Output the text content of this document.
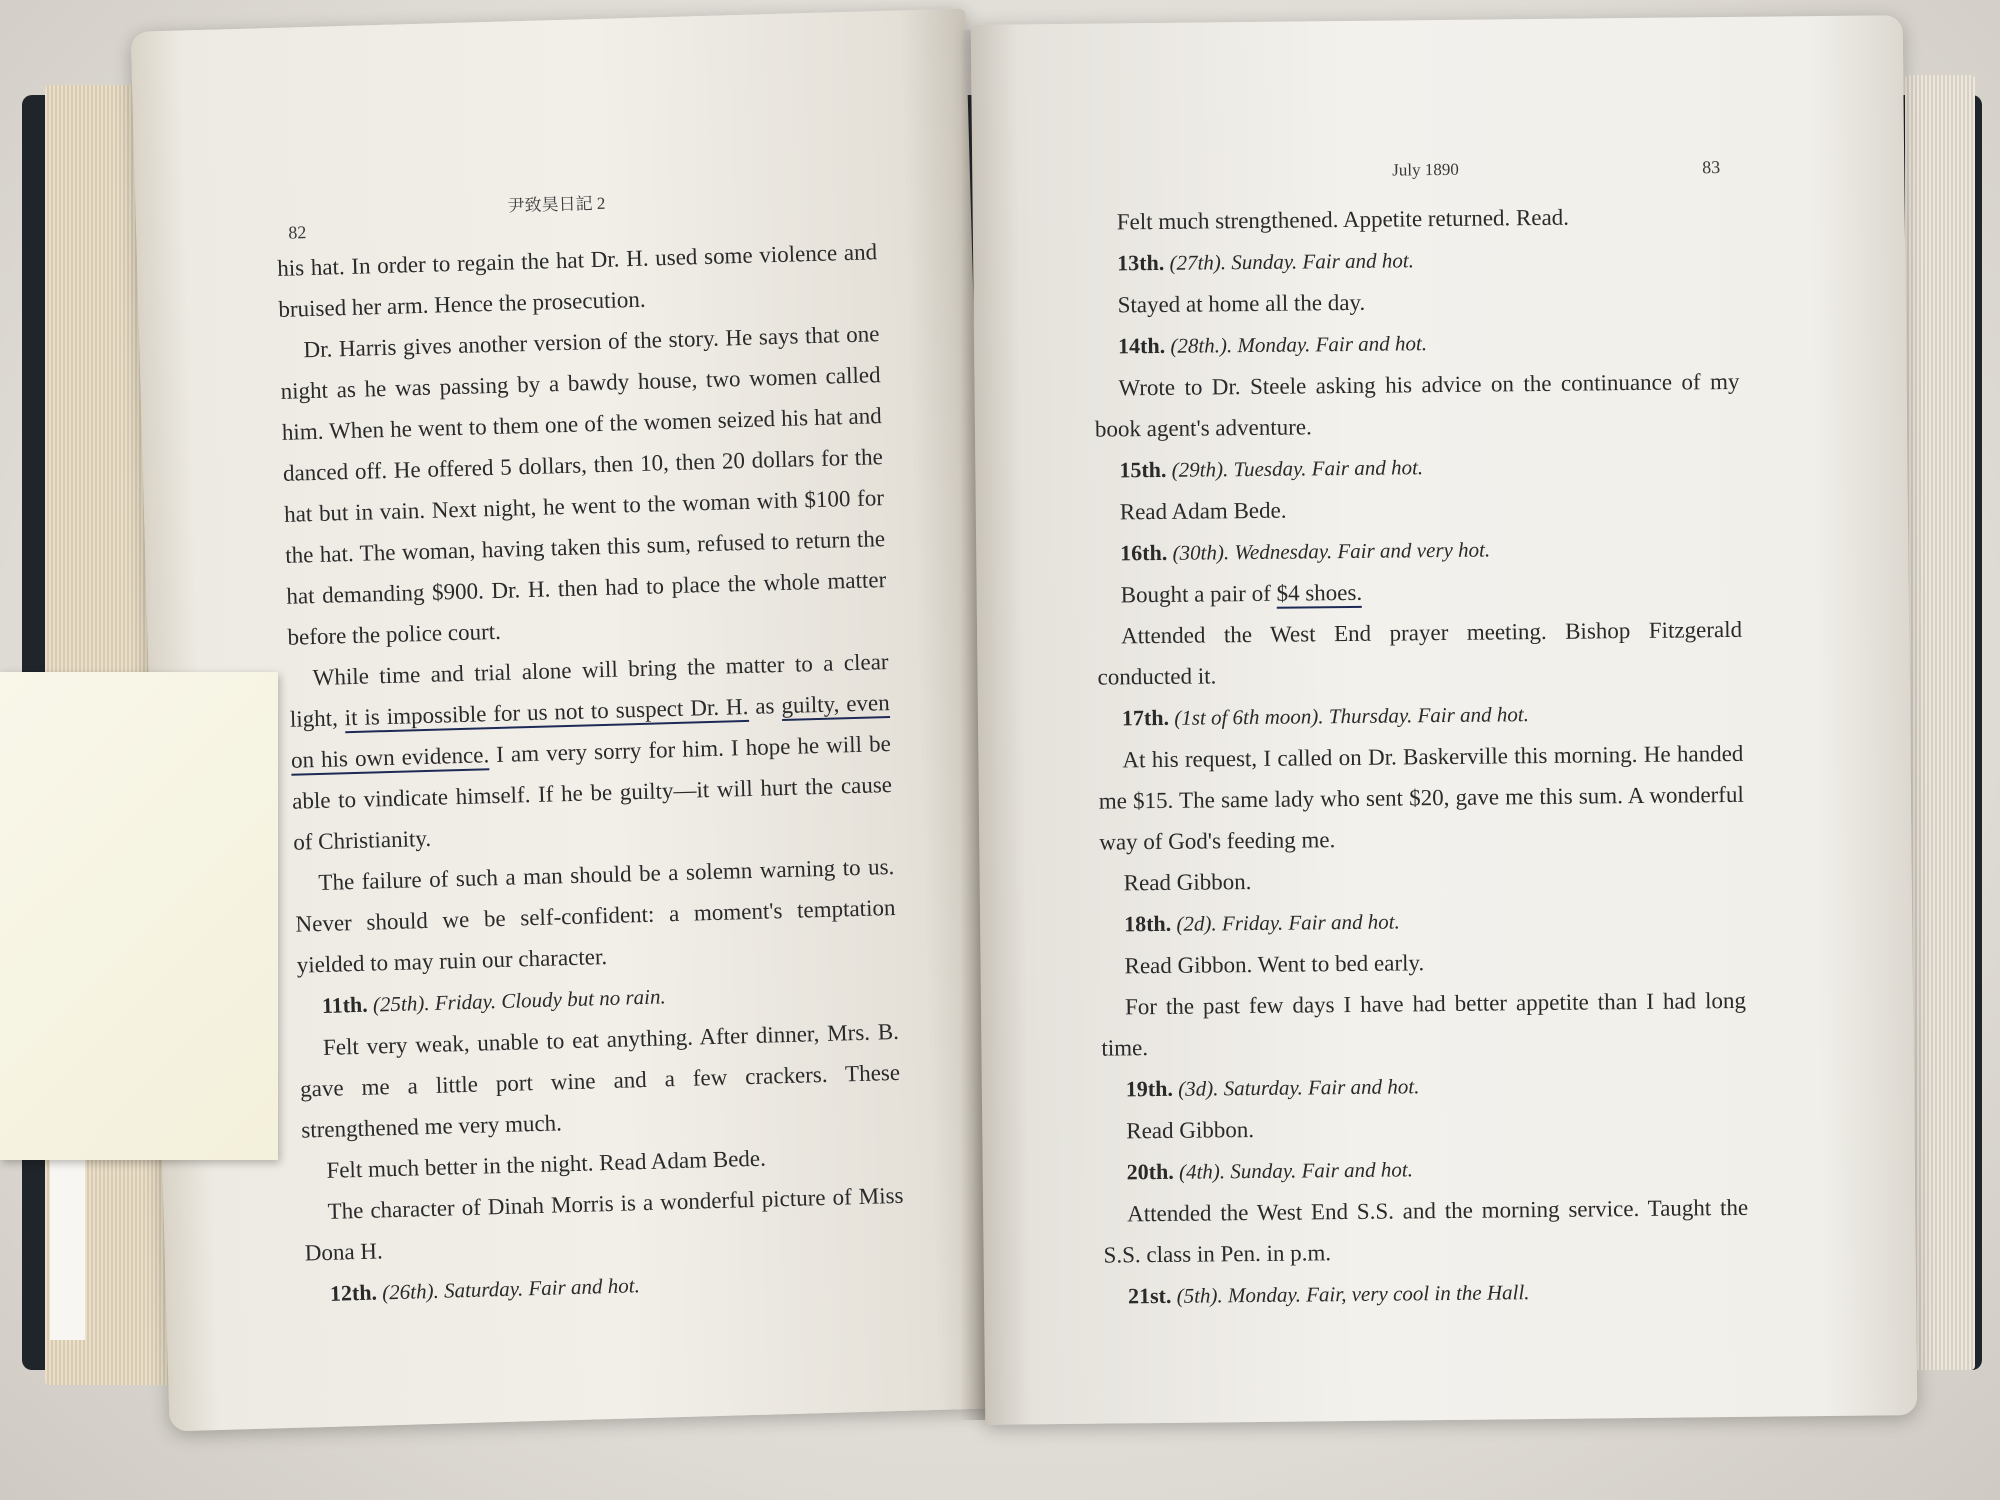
82
尹致昊日記 2

his hat. In order to regain the hat Dr. H. used some violence and bruised her arm. Hence the prosecution.

Dr. Harris gives another version of the story. He says that one night as he was passing by a bawdy house, two women called him. When he went to them one of the women seized his hat and danced off. He offered 5 dollars, then 10, then 20 dollars for the hat but in vain. Next night, he went to the woman with $100 for the hat. The woman, having taken this sum, refused to return the hat demanding $900. Dr. H. then had to place the whole matter before the police court.

While time and trial alone will bring the matter to a clear light, it is impossible for us not to suspect Dr. H. as guilty, even on his own evidence. I am very sorry for him. I hope he will be able to vindicate himself. If he be guilty—it will hurt the cause of Christianity.

The failure of such a man should be a solemn warning to us. Never should we be self-confident: a moment's temptation yielded to may ruin our character.

11th. (25th). Friday. Cloudy but no rain.

Felt very weak, unable to eat anything. After dinner, Mrs. B. gave me a little port wine and a few crackers. These strengthened me very much.

Felt much better in the night. Read Adam Bede.

The character of Dinah Morris is a wonderful picture of Miss Dona H.

12th. (26th). Saturday. Fair and hot.

July 1890	83

Felt much strengthened. Appetite returned. Read.

13th. (27th). Sunday. Fair and hot.

Stayed at home all the day.

14th. (28th.). Monday. Fair and hot.

Wrote to Dr. Steele asking his advice on the continuance of my book agent's adventure.

15th. (29th). Tuesday. Fair and hot.

Read Adam Bede.

16th. (30th). Wednesday. Fair and very hot.

Bought a pair of $4 shoes.

Attended the West End prayer meeting. Bishop Fitzgerald conducted it.

17th. (1st of 6th moon). Thursday. Fair and hot.

At his request, I called on Dr. Baskerville this morning. He handed me $15. The same lady who sent $20, gave me this sum. A wonderful way of God's feeding me.

Read Gibbon.

18th. (2d). Friday. Fair and hot.

Read Gibbon. Went to bed early.

For the past few days I have had better appetite than I had long time.

19th. (3d). Saturday. Fair and hot.

Read Gibbon.

20th. (4th). Sunday. Fair and hot.

Attended the West End S.S. and the morning service. Taught the S.S. class in Pen. in p.m.

21st. (5th). Monday. Fair, very cool in the Hall.
